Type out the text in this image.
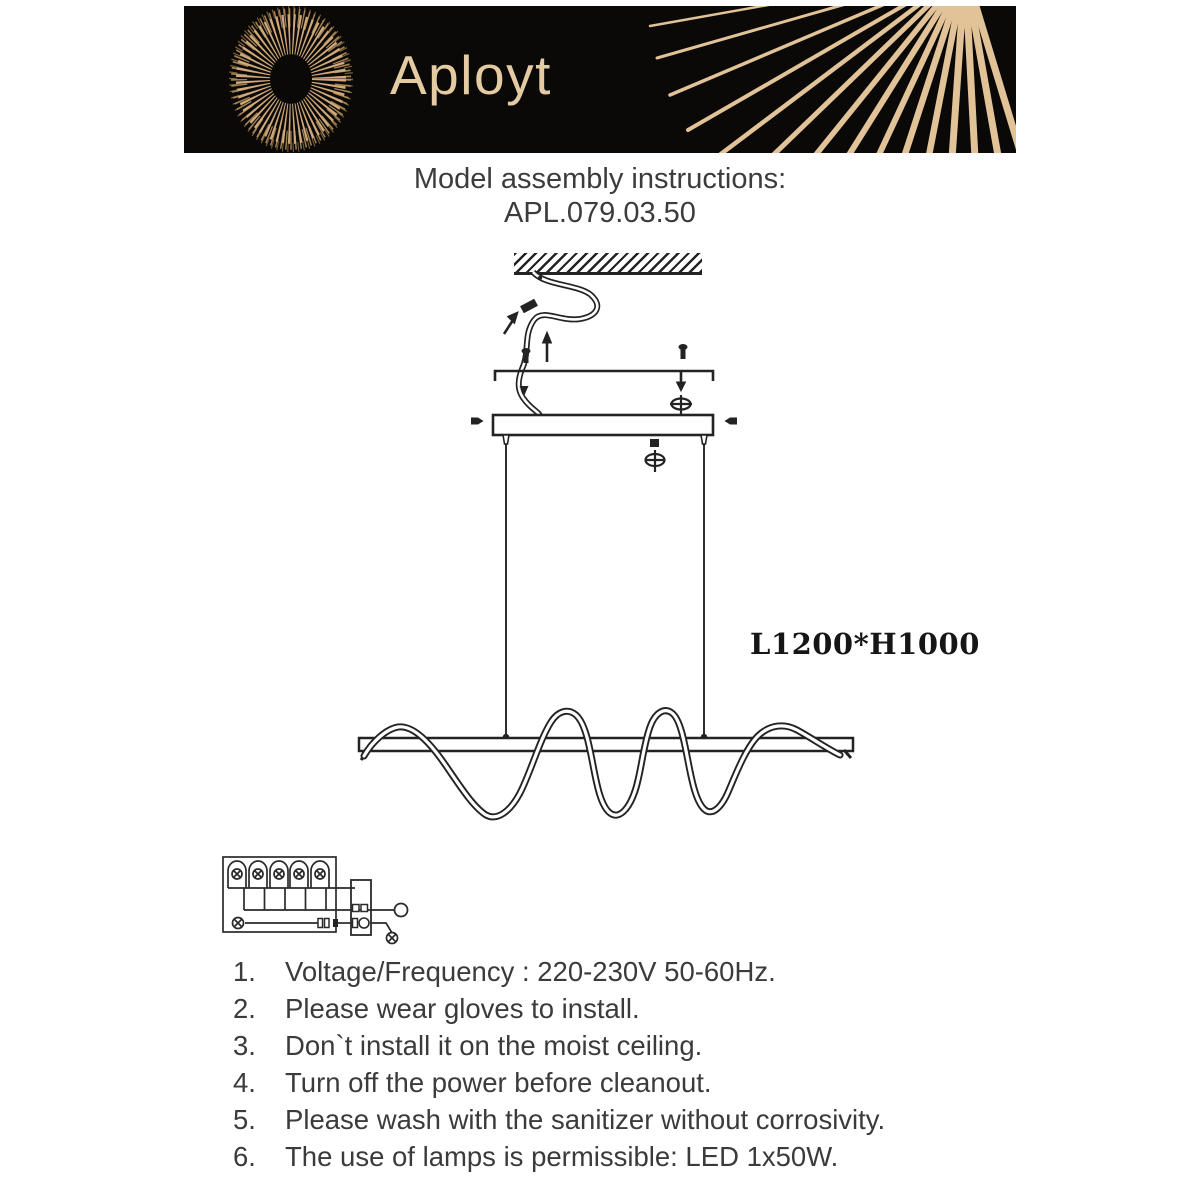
Aployt
Model assembly instructions:
APL.079.03.50
L1200*H1000
1.	Voltage/Frequency : 220-230V 50-60Hz.
2.	Please wear gloves to install.
3.	Don`t install it on the moist ceiling.
4.	Turn off the power before cleanout.
5.	Please wash with the sanitizer without corrosivity.
6.	The use of lamps is permissible: LED 1x50W.
